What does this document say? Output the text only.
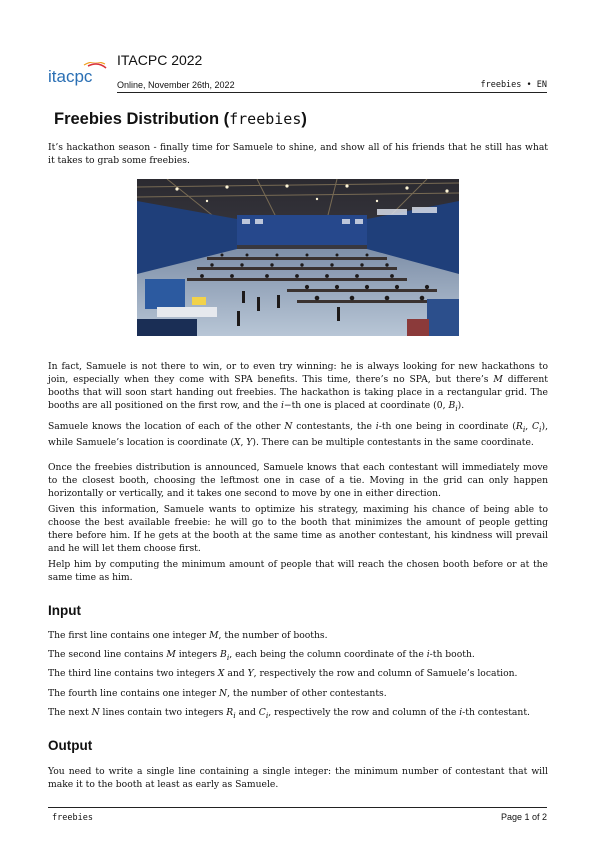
itacpc
ITACPC 2022
Online, November 26th, 2022	freebies • EN
Freebies Distribution (freebies)

It’s hackathon season - finally time for Samuele to shine, and show all of his friends that he still has what it takes to grab some freebies.

In fact, Samuele is not there to win, or to even try winning: he is always looking for new hackathons to join, especially when they come with SPA benefits. This time, there’s no SPA, but there’s M different booths that will soon start handing out freebies. The hackathon is taking place in a rectangular grid. The booths are all positioned on the first row, and the i−th one is placed at coordinate (0, $B_i$).

Samuele knows the location of each of the other N contestants, the i-th one being in coordinate ($R_i$, $C_i$), while Samuele’s location is coordinate (X, Y). There can be multiple contestants in the same coordinate.

Once the freebies distribution is announced, Samuele knows that each contestant will immediately move to the closest booth, choosing the leftmost one in case of a tie. Moving in the grid can only happen horizontally or vertically, and it takes one second to move by one in either direction.

Given this information, Samuele wants to optimize his strategy, maximing his chance of being able to choose the best available freebie: he will go to the booth that minimizes the amount of people getting there before him. If he gets at the booth at the same time as another contestant, his kindness will prevail and he will let them choose first.

Help him by computing the minimum amount of people that will reach the chosen booth before or at the same time as him.

Input

The first line contains one integer M, the number of booths.

The second line contains M integers $B_i$, each being the column coordinate of the i-th booth.

The third line contains two integers X and Y, respectively the row and column of Samuele’s location.

The fourth line contains one integer N, the number of other contestants.

The next N lines contain two integers $R_i$ and $C_i$, respectively the row and column of the i-th contestant.

Output

You need to write a single line containing a single integer: the minimum number of contestant that will make it to the booth at least as early as Samuele.

freebies	Page 1 of 2
